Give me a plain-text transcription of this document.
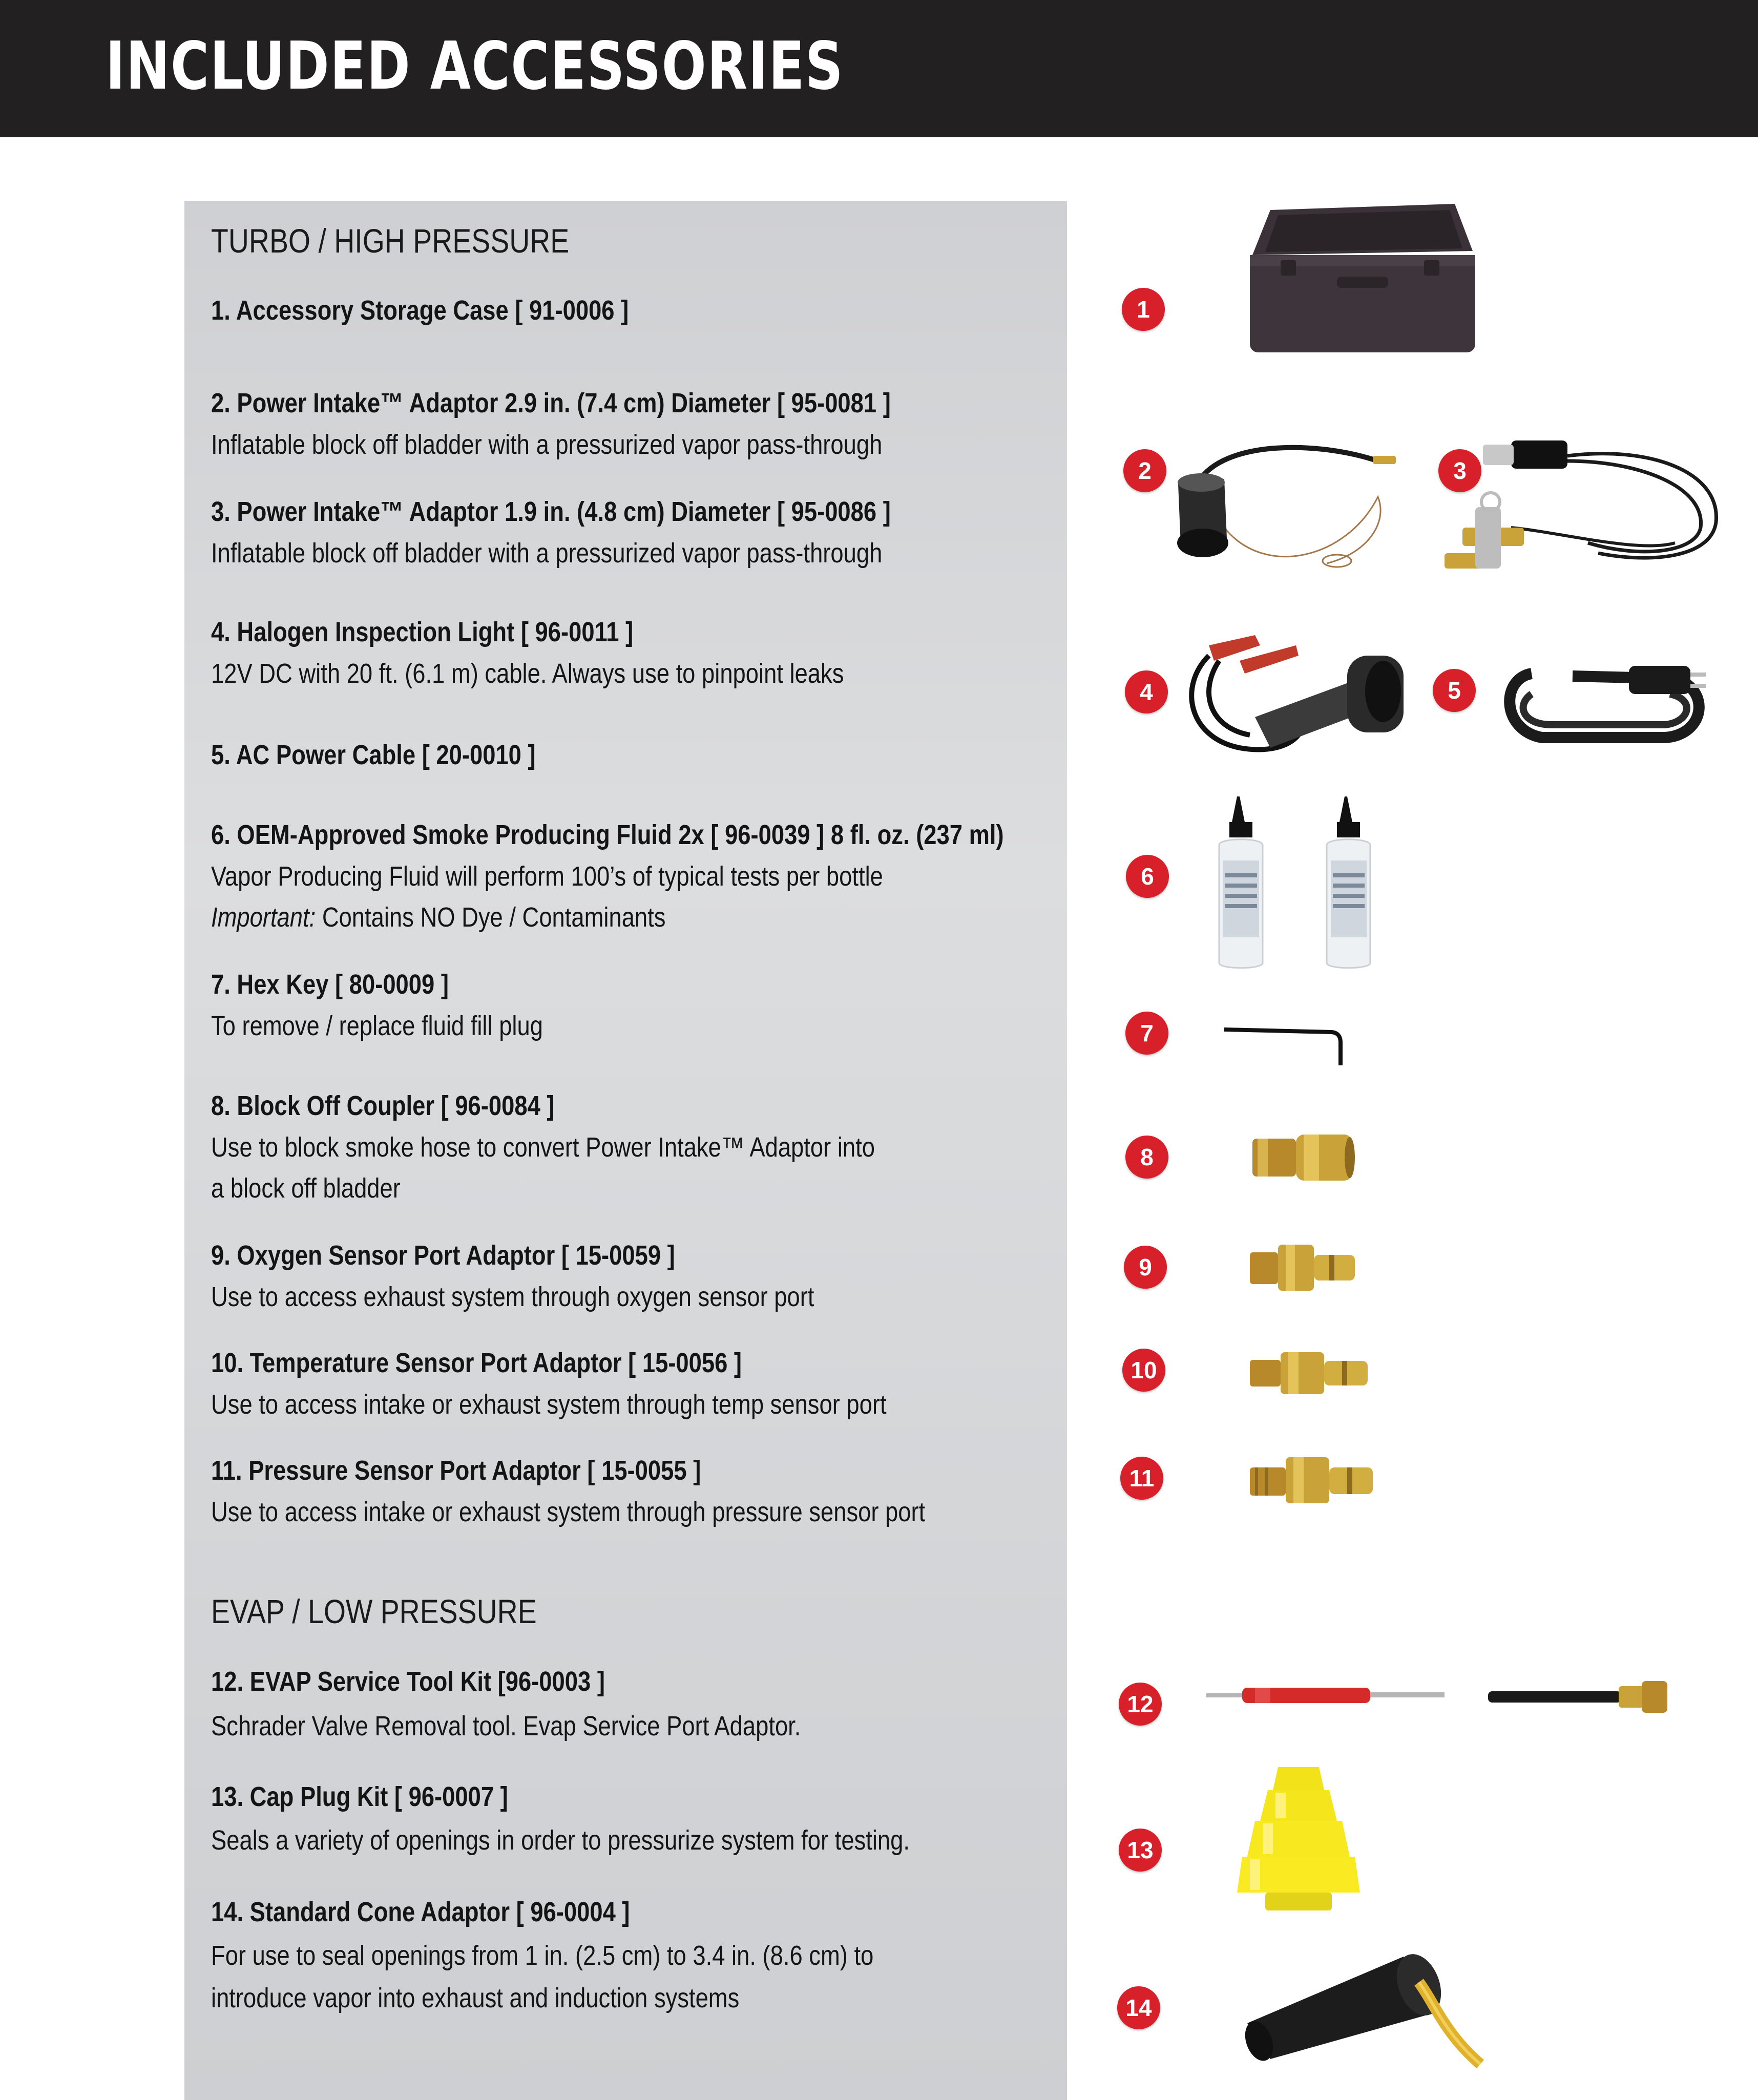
INCLUDED ACCESSORIES
TURBO / HIGH PRESSURE
EVAP / LOW PRESSURE

1. Accessory Storage Case [ 91-0006 ]

2. Power Intake™ Adaptor 2.9 in. (7.4 cm) Diameter [ 95-0081 ]

Inflatable block off bladder with a pressurized vapor pass-through

3. Power Intake™ Adaptor 1.9 in. (4.8 cm) Diameter [ 95-0086 ]

Inflatable block off bladder with a pressurized vapor pass-through

4. Halogen Inspection Light [ 96-0011 ]

12V DC with 20 ft. (6.1 m) cable. Always use to pinpoint leaks

5. AC Power Cable [ 20-0010 ]

6. OEM-Approved Smoke Producing Fluid 2x [ 96-0039 ] 8 fl. oz. (237 ml)

Vapor Producing Fluid will perform 100’s of typical tests per bottle

Important: Contains NO Dye / Contaminants

7. Hex Key [ 80-0009 ]

To remove / replace fluid fill plug

8. Block Off Coupler [ 96-0084 ]

Use to block smoke hose to convert Power Intake™ Adaptor into

a block off bladder

9. Oxygen Sensor Port Adaptor [ 15-0059 ]

Use to access exhaust system through oxygen sensor port

10. Temperature Sensor Port Adaptor [ 15-0056 ]

Use to access intake or exhaust system through temp sensor port

11. Pressure Sensor Port Adaptor [ 15-0055 ]

Use to access intake or exhaust system through pressure sensor port

12. EVAP Service Tool Kit [96-0003 ]

Schrader Valve Removal tool. Evap Service Port Adaptor.

13. Cap Plug Kit [ 96-0007 ]

Seals a variety of openings in order to pressurize system for testing.

14. Standard Cone Adaptor [ 96-0004 ]

For use to seal openings from 1 in. (2.5 cm) to 3.4 in. (8.6 cm) to

introduce vapor into exhaust and induction systems

1
2	3
4	5
6
7
8
9
10
11
12
13
14
